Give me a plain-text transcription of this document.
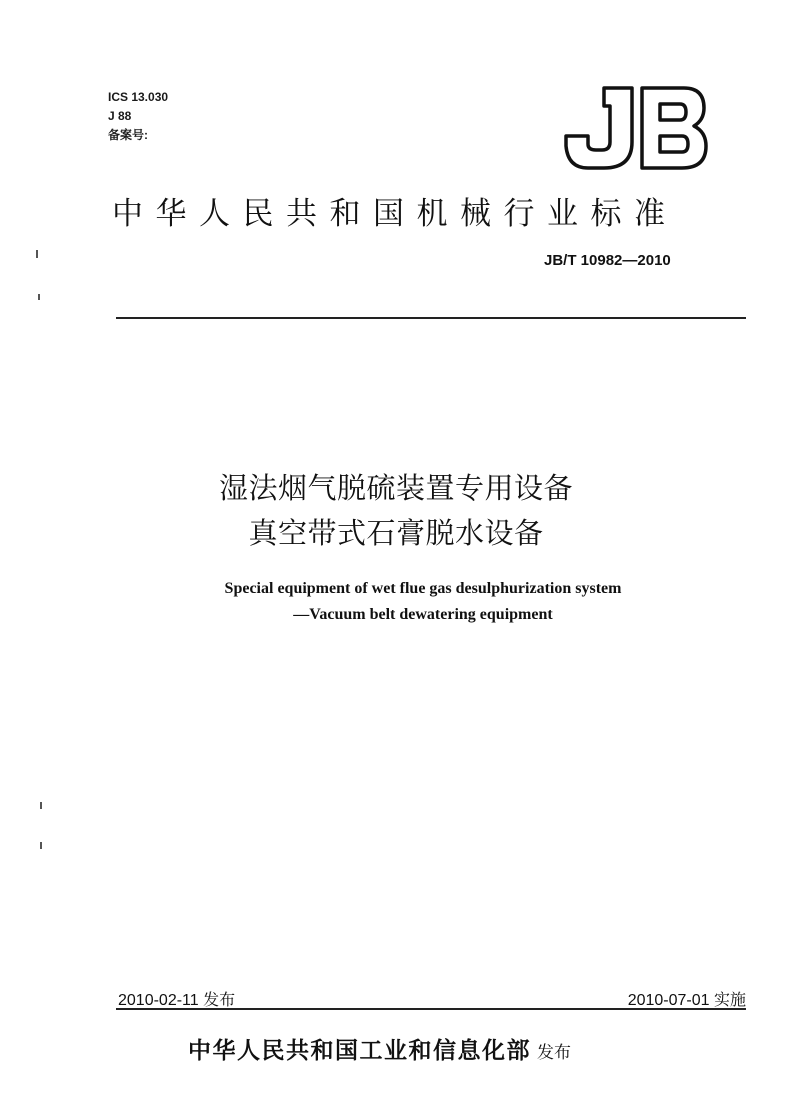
ICS 13.030
J 88
备案号:
中华人民共和国机械行业标准
JB/T 10982—2010
湿法烟气脱硫装置专用设备
真空带式石膏脱水设备
Special equipment of wet flue gas desulphurization system
—Vacuum belt dewatering equipment
2010-02-11 发布	2010-07-01 实施
中华人民共和国工业和信息化部 发布
